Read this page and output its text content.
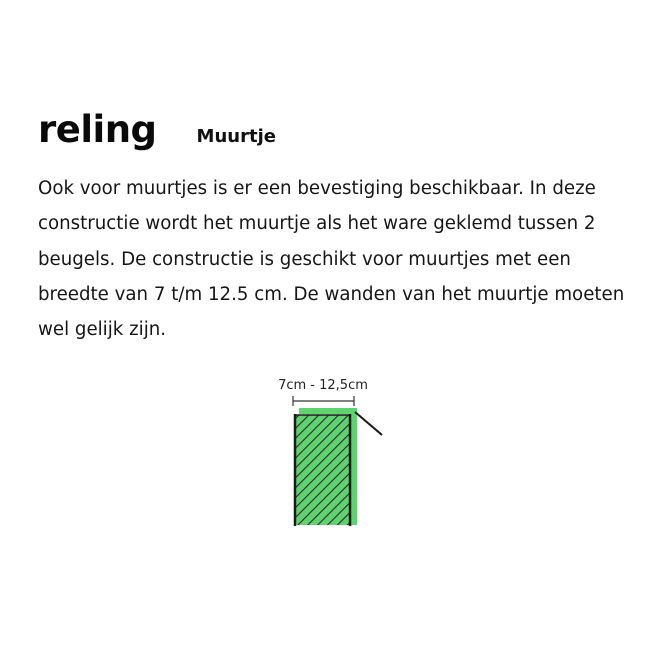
reling Muurtje

Ook voor muurtjes is er een bevestiging beschikbaar. In deze constructie wordt het muurtje als het ware geklemd tussen 2 beugels. De constructie is geschikt voor muurtjes met een breedte van 7 t/m 12.5 cm. De wanden van het muurtje moeten wel gelijk zijn.

7cm - 12,5cm
